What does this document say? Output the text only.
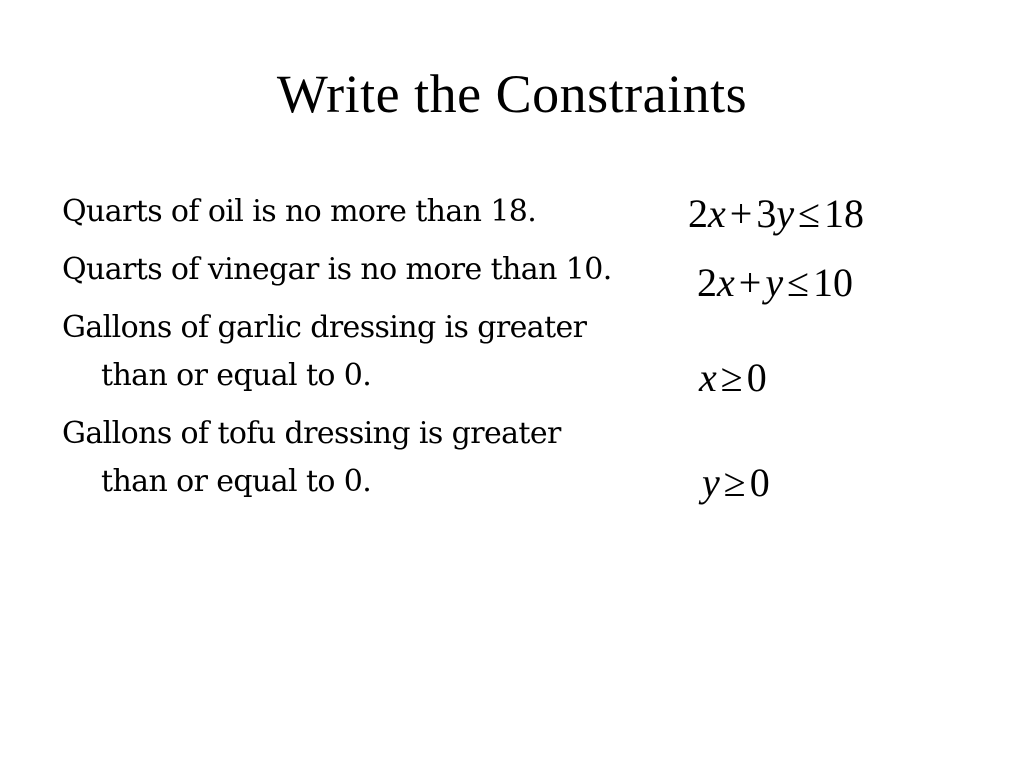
Write the Constraints
Quarts of oil is no more than 18.
Quarts of vinegar is no more than 10.
Gallons of garlic dressing is greater than or equal to 0.
Gallons of tofu dressing is greater than or equal to 0.
2x + 3y ≤ 18
2x + y ≤ 10
x ≥ 0
y ≥ 0
